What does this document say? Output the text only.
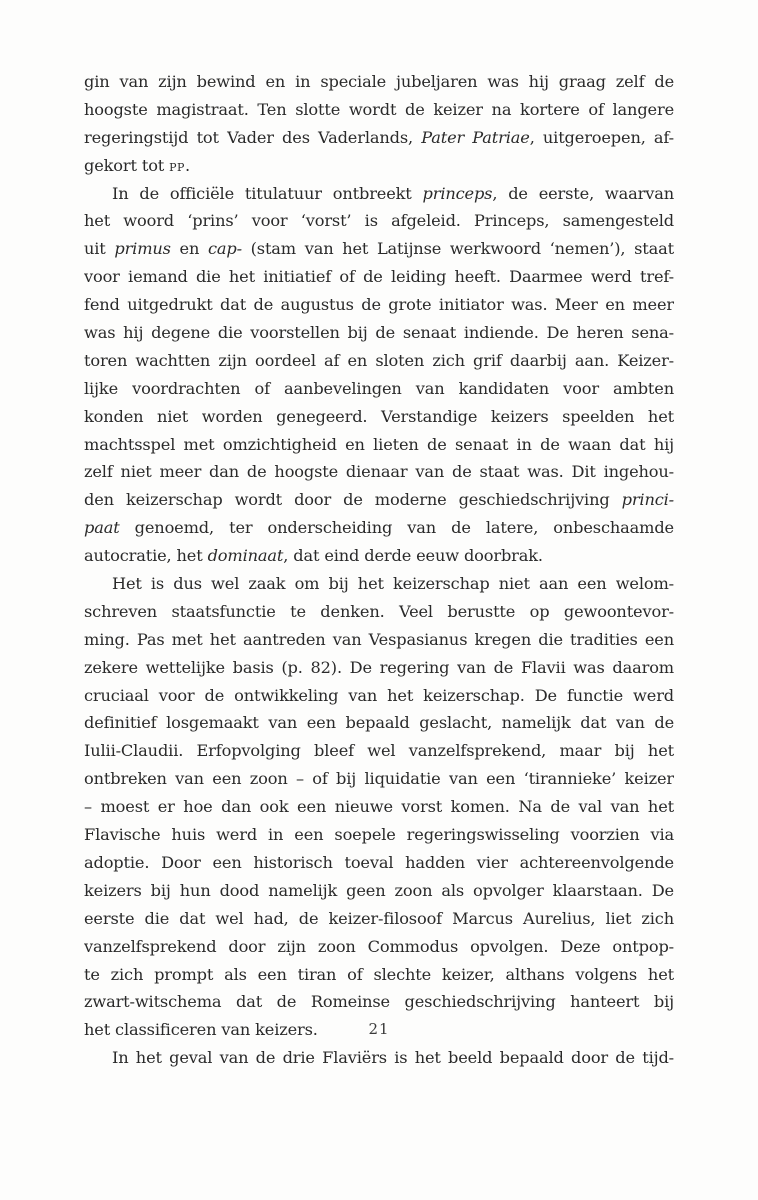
gin van zijn bewind en in speciale jubeljaren was hij graag zelf de
hoogste magistraat. Ten slotte wordt de keizer na kortere of langere
regeringstijd tot Vader des Vaderlands, Pater Patriae, uitgeroepen, af-
gekort tot pp.
In de officiële titulatuur ontbreekt princeps, de eerste, waarvan
het woord ‘prins’ voor ‘vorst’ is afgeleid. Princeps, samengesteld
uit primus en cap- (stam van het Latijnse werkwoord ‘nemen’), staat
voor iemand die het initiatief of de leiding heeft. Daarmee werd tref-
fend uitgedrukt dat de augustus de grote initiator was. Meer en meer
was hij degene die voorstellen bij de senaat indiende. De heren sena-
toren wachtten zijn oordeel af en sloten zich grif daarbij aan. Keizer-
lijke voordrachten of aanbevelingen van kandidaten voor ambten
konden niet worden genegeerd. Verstandige keizers speelden het
machtsspel met omzichtigheid en lieten de senaat in de waan dat hij
zelf niet meer dan de hoogste dienaar van de staat was. Dit ingehou-
den keizerschap wordt door de moderne geschiedschrijving princi-
paat genoemd, ter onderscheiding van de latere, onbeschaamde
autocratie, het dominaat, dat eind derde eeuw doorbrak.
Het is dus wel zaak om bij het keizerschap niet aan een welom-
schreven staatsfunctie te denken. Veel berustte op gewoontevor-
ming. Pas met het aantreden van Vespasianus kregen die tradities een
zekere wettelijke basis (p. 82). De regering van de Flavii was daarom
cruciaal voor de ontwikkeling van het keizerschap. De functie werd
definitief losgemaakt van een bepaald geslacht, namelijk dat van de
Iulii-Claudii. Erfopvolging bleef wel vanzelfsprekend, maar bij het
ontbreken van een zoon – of bij liquidatie van een ‘tirannieke’ keizer
– moest er hoe dan ook een nieuwe vorst komen. Na de val van het
Flavische huis werd in een soepele regeringswisseling voorzien via
adoptie. Door een historisch toeval hadden vier achtereenvolgende
keizers bij hun dood namelijk geen zoon als opvolger klaarstaan. De
eerste die dat wel had, de keizer-filosoof Marcus Aurelius, liet zich
vanzelfsprekend door zijn zoon Commodus opvolgen. Deze ontpop-
te zich prompt als een tiran of slechte keizer, althans volgens het
zwart-witschema dat de Romeinse geschiedschrijving hanteert bij
het classificeren van keizers.
In het geval van de drie Flaviërs is het beeld bepaald door de tijd-
21
